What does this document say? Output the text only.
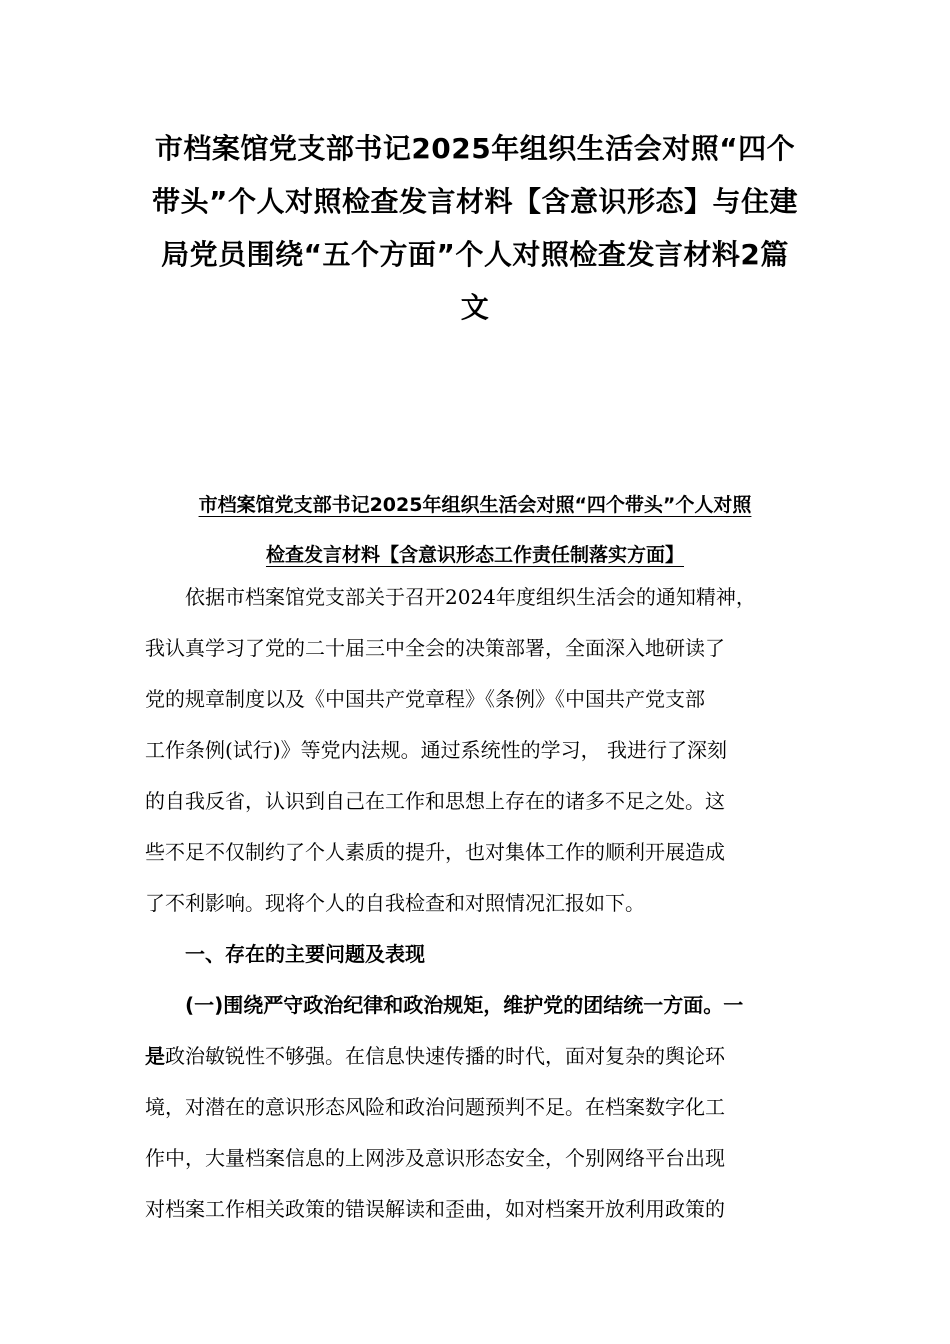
市档案馆党支部书记2025年组织生活会对照“四个
带头”个人对照检查发言材料【含意识形态】与住建
局党员围绕“五个方面”个人对照检查发言材料2篇
文
市档案馆党支部书记2025年组织生活会对照“四个带头”个人对照
检查发言材料【含意识形态工作责任制落实方面】
依据市档案馆党支部关于召开2024年度组织生活会的通知精神，
我认真学习了党的二十届三中全会的决策部署，全面深入地研读了
党的规章制度以及《中国共产党章程》《条例》《中国共产党支部
工作条例(试行)》等党内法规。通过系统性的学习， 我进行了深刻
的自我反省，认识到自己在工作和思想上存在的诸多不足之处。这
些不足不仅制约了个人素质的提升，也对集体工作的顺利开展造成
了不利影响。现将个人的自我检查和对照情况汇报如下。
一、存在的主要问题及表现
(一)围绕严守政治纪律和政治规矩，维护党的团结统一方面。一
是政治敏锐性不够强。在信息快速传播的时代，面对复杂的舆论环
境，对潜在的意识形态风险和政治问题预判不足。在档案数字化工
作中，大量档案信息的上网涉及意识形态安全，个别网络平台出现
对档案工作相关政策的错误解读和歪曲，如对档案开放利用政策的
